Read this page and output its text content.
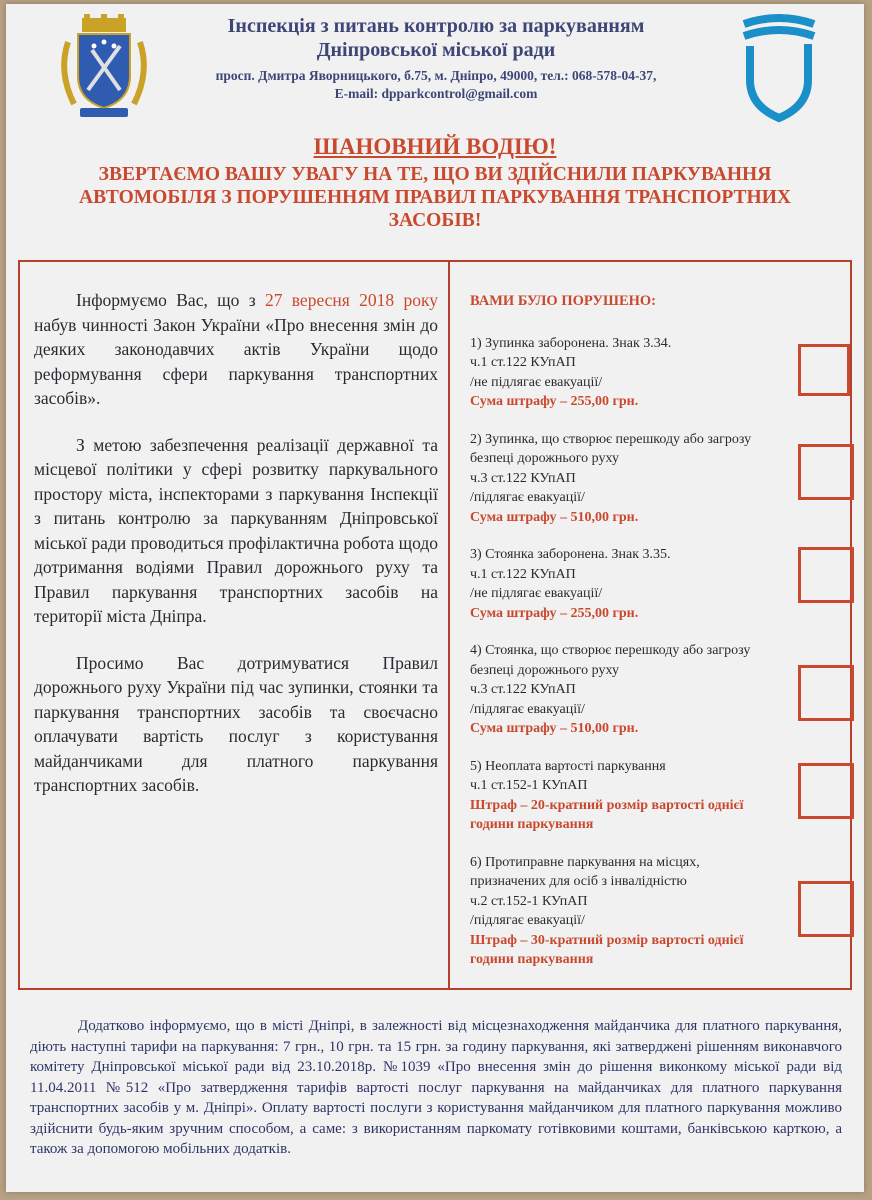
Інспекція з питань контролю за паркуванням

Дніпровської міської ради

просп. Дмитра Яворницького, б.75, м. Дніпро, 49000, тел.: 068-578-04-37,
E-mail: dpparkcontrol@gmail.com
ШАНОВНИЙ ВОДІЮ!
ЗВЕРТАЄМО ВАШУ УВАГУ НА ТЕ, ЩО ВИ ЗДІЙСНИЛИ ПАРКУВАННЯ АВТОМОБІЛЯ З ПОРУШЕННЯМ ПРАВИЛ ПАРКУВАННЯ ТРАНСПОРТНИХ ЗАСОБІВ!

Інформуємо Вас, що з 27 вересня 2018 року набув чинності Закон України «Про внесення змін до деяких законодавчих актів України щодо реформування сфери паркування транспортних засобів».

З метою забезпечення реалізації державної та місцевої політики у сфері розвитку паркувального простору міста, інспекторами з паркування Інспекції з питань контролю за паркуванням Дніпровської міської ради проводиться профілактична робота щодо дотримання водіями Правил дорожнього руху та Правил паркування транспортних засобів на території міста Дніпра.

Просимо Вас дотримуватися Правил дорожнього руху України під час зупинки, стоянки та паркування транспортних засобів та своєчасно оплачувати вартість послуг з користування майданчиками для платного паркування транспортних засобів.

ВАМИ БУЛО ПОРУШЕНО:
1) Зупинка заборонена. Знак 3.34.
ч.1 ст.122 КУпАП
/не підлягає евакуації/
Сума штрафу – 255,00 грн.
2) Зупинка, що створює перешкоду або загрозу безпеці дорожнього руху
ч.3 ст.122 КУпАП
/підлягає евакуації/
Сума штрафу – 510,00 грн.
3) Стоянка заборонена. Знак 3.35.
ч.1 ст.122 КУпАП
/не підлягає евакуації/
Сума штрафу – 255,00 грн.
4) Стоянка, що створює перешкоду або загрозу безпеці дорожнього руху
ч.3 ст.122 КУпАП
/підлягає евакуації/
Сума штрафу – 510,00 грн.
5) Неоплата вартості паркування
ч.1 ст.152-1 КУпАП
Штраф – 20-кратний розмір вартості однієї години паркування
6) Протиправне паркування на місцях, призначених для осіб з інвалідністю
ч.2 ст.152-1 КУпАП
/підлягає евакуації/
Штраф – 30-кратний розмір вартості однієї години паркування
Додатково інформуємо, що в місті Дніпрі, в залежності від місцезнаходження майданчика для платного паркування, діють наступні тарифи на паркування: 7 грн., 10 грн. та 15 грн. за годину паркування, які затверджені рішенням виконавчого комітету Дніпровської міської ради від 23.10.2018р. №1039 «Про внесення змін до рішення виконкому міської ради від 11.04.2011 №512 «Про затвердження тарифів вартості послуг паркування на майданчиках для платного паркування транспортних засобів у м. Дніпрі». Оплату вартості послуги з користування майданчиком для платного паркування можливо здійснити будь-яким зручним способом, а саме: з використанням паркомату готівковими коштами, банківською карткою, а також за допомогою мобільних додатків.
